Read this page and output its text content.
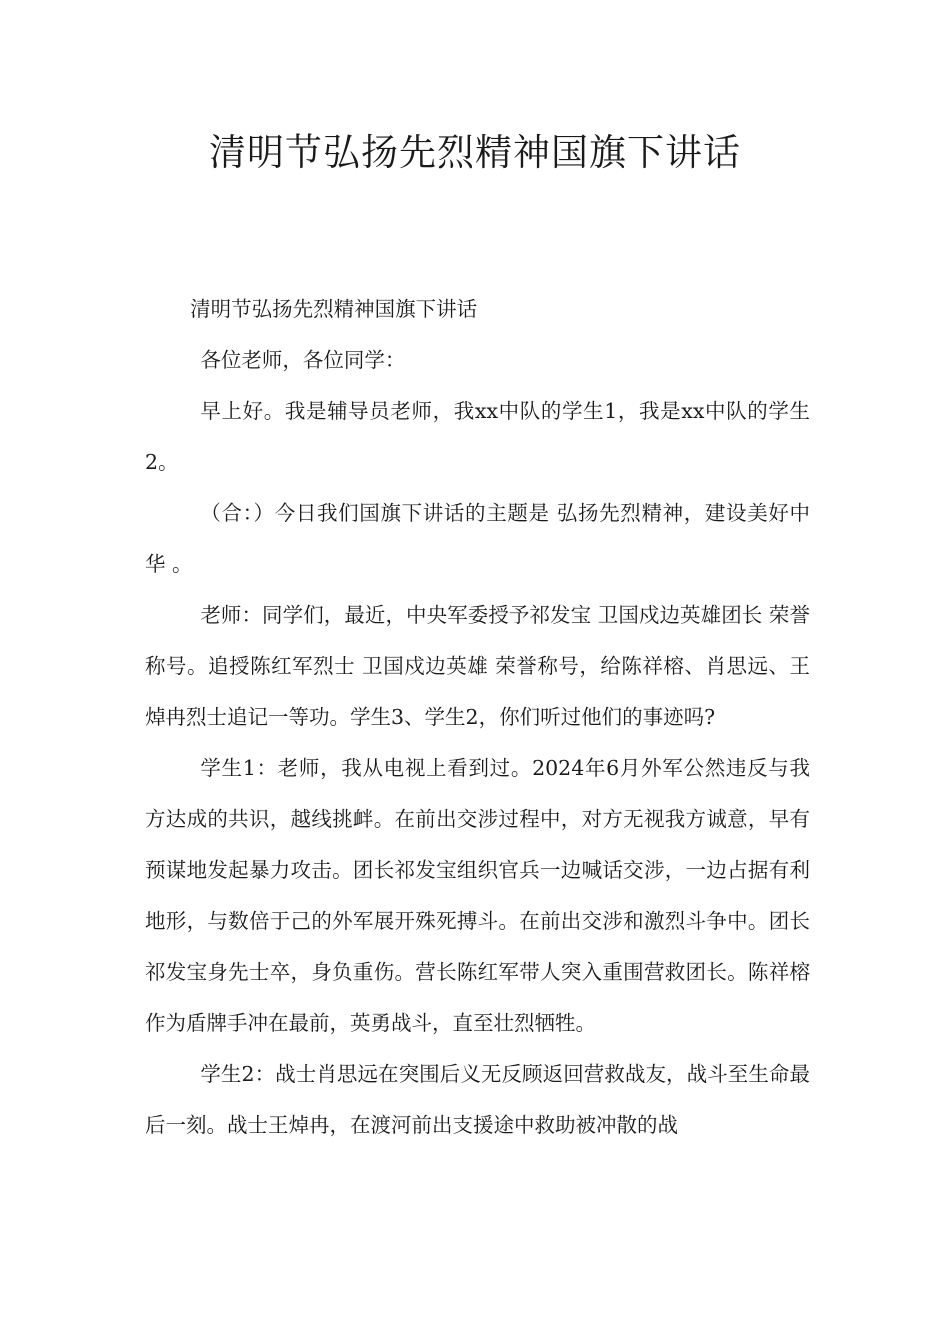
清明节弘扬先烈精神国旗下讲话

清明节弘扬先烈精神国旗下讲话

各位老师，各位同学：

早上好。我是辅导员老师，我xx中队的学生1，我是xx中队的学生2。

（合：）今日我们国旗下讲话的主题是 弘扬先烈精神，建设美好中华 。

老师：同学们，最近，中央军委授予祁发宝 卫国戍边英雄团长 荣誉称号。追授陈红军烈士 卫国戍边英雄 荣誉称号，给陈祥榕、肖思远、王焯冉烈士追记一等功。学生3、学生2，你们听过他们的事迹吗?

学生1：老师，我从电视上看到过。2024年6月外军公然违反与我方达成的共识，越线挑衅。在前出交涉过程中，对方无视我方诚意，早有预谋地发起暴力攻击。团长祁发宝组织官兵一边喊话交涉，一边占据有利地形，与数倍于己的外军展开殊死搏斗。在前出交涉和激烈斗争中。团长祁发宝身先士卒，身负重伤。营长陈红军带人突入重围营救团长。陈祥榕作为盾牌手冲在最前，英勇战斗，直至壮烈牺牲。

学生2：战士肖思远在突围后义无反顾返回营救战友，战斗至生命最后一刻。战士王焯冉，在渡河前出支援途中救助被冲散的战
